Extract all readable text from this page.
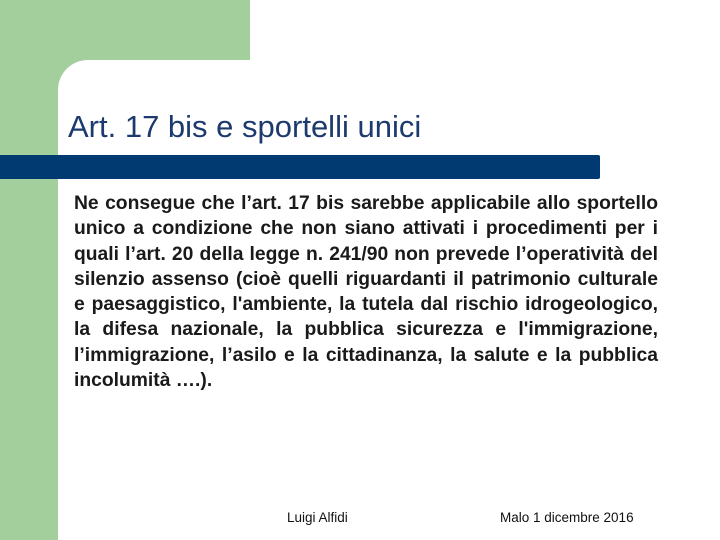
Art. 17 bis e sportelli unici

Ne consegue che l’art. 17 bis sarebbe applicabile allo sportello unico a condizione che non siano attivati i procedimenti per i quali l’art. 20 della legge n. 241/90 non prevede l’operatività del silenzio assenso (cioè quelli riguardanti il patrimonio culturale e paesaggistico, l'ambiente, la tutela dal rischio idrogeologico, la difesa nazionale, la pubblica sicurezza e l'immigrazione, l’immigrazione, l’asilo e la cittadinanza, la salute e la pubblica incolumità ….).

Luigi Alfidi	Malo 1 dicembre 2016
